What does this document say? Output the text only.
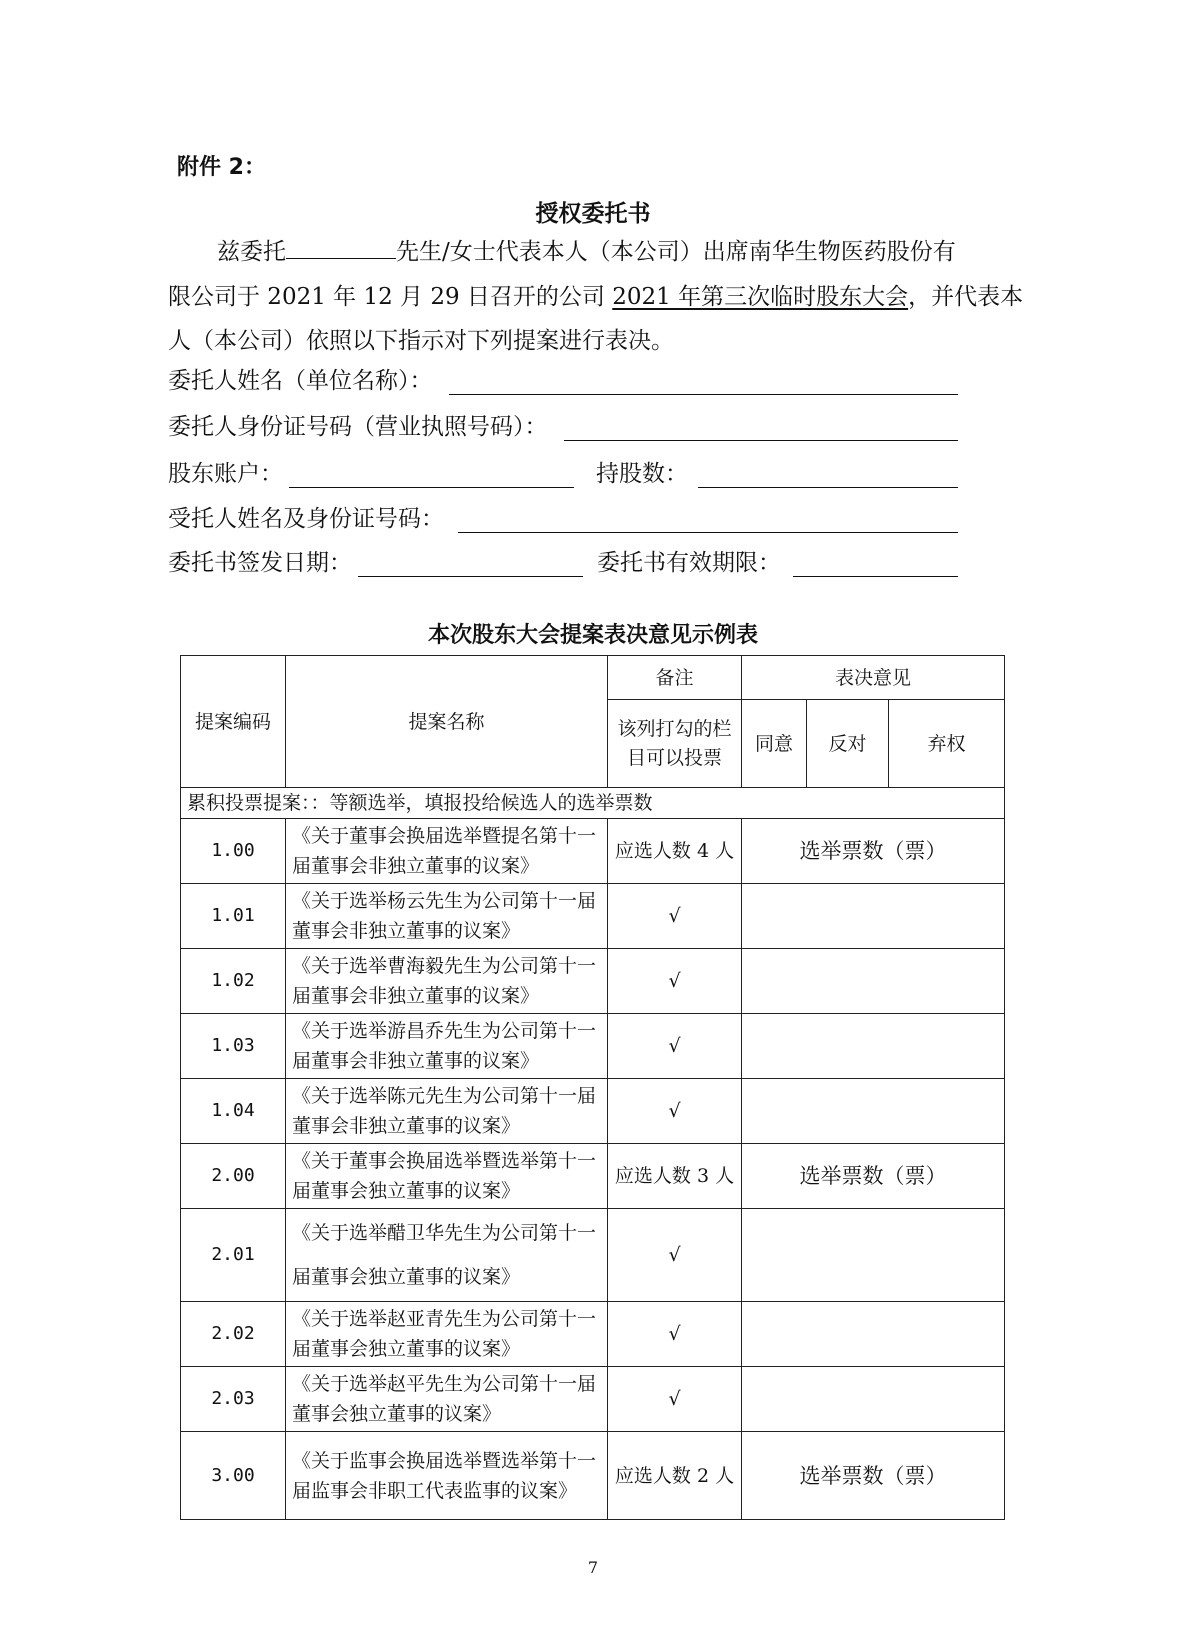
附件 2：
授权委托书
兹委托	先生/女士代表本人（本公司）出席南华生物医药股份有
限公司于 2021 年 12 月 29 日召开的公司 2021 年第三次临时股东大会，并代表本
人（本公司）依照以下指示对下列提案进行表决。
委托人姓名（单位名称）：
委托人身份证号码（营业执照号码）：
股东账户：	持股数：
受托人姓名及身份证号码：
委托书签发日期：	委托书有效期限：
本次股东大会提案表决意见示例表
提案编码	提案名称	备注	表决意见		
		该列打勾的栏目可以投票	同意	反对	弃权
累积投票提案：：等额选举，填报投给候选人的选举票数					
1.00	《关于董事会换届选举暨提名第十一届董事会非独立董事的议案》	应选人数 4 人	选举票数（票）		
1.01	《关于选举杨云先生为公司第十一届董事会非独立董事的议案》	√			
1.02	《关于选举曹海毅先生为公司第十一届董事会非独立董事的议案》	√			
1.03	《关于选举游昌乔先生为公司第十一届董事会非独立董事的议案》	√			
1.04	《关于选举陈元先生为公司第十一届董事会非独立董事的议案》	√			
2.00	《关于董事会换届选举暨选举第十一届董事会独立董事的议案》	应选人数 3 人	选举票数（票）		
2.01	《关于选举醋卫华先生为公司第十一届董事会独立董事的议案》	√			
2.02	《关于选举赵亚青先生为公司第十一届董事会独立董事的议案》	√			
2.03	《关于选举赵平先生为公司第十一届董事会独立董事的议案》	√			
3.00	《关于监事会换届选举暨选举第十一届监事会非职工代表监事的议案》	应选人数 2 人	选举票数（票）		
7
